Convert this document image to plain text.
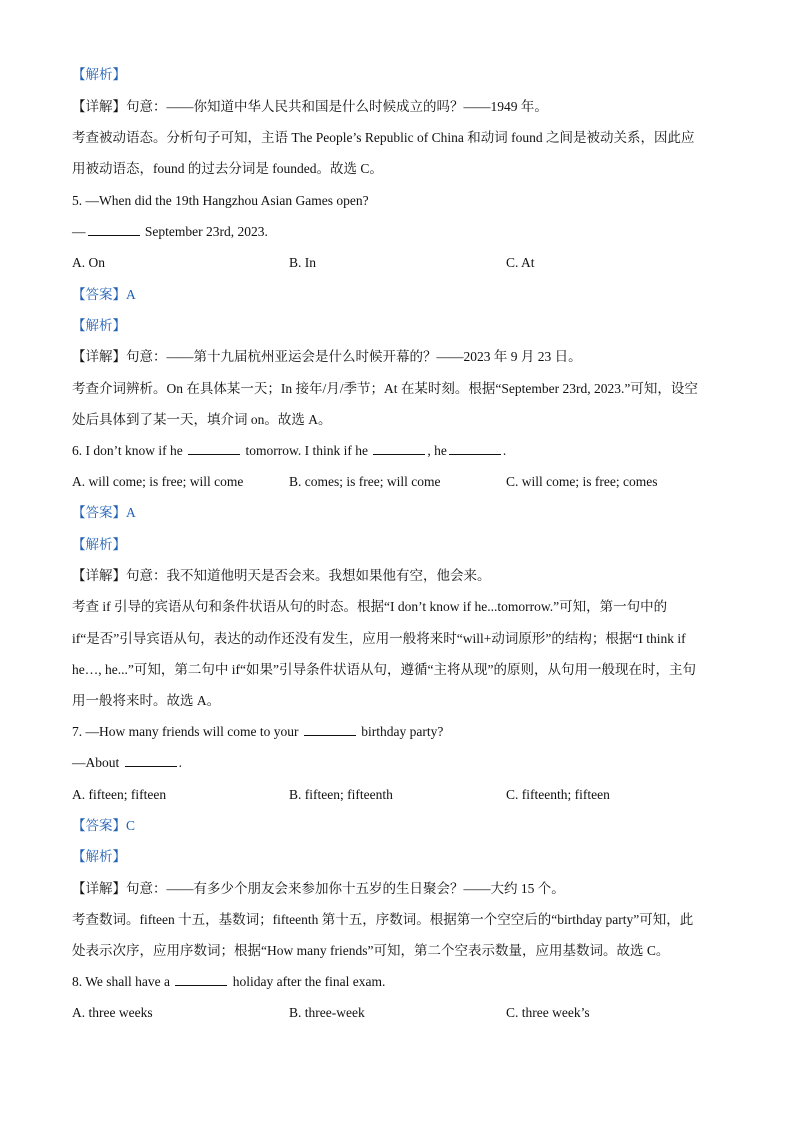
【解析】
【详解】句意：——你知道中华人民共和国是什么时候成立的吗？——1949 年。
考查被动语态。分析句子可知，主语 The People’s Republic of China 和动词 found 之间是被动关系，因此应
用被动语态，found 的过去分词是 founded。故选 C。
5. —When did the 19th Hangzhou Asian Games open?
—	September 23rd, 2023.
A. On	B. In	C. At
【答案】A
【解析】
【详解】句意：——第十九届杭州亚运会是什么时候开幕的？——2023 年 9 月 23 日。
考查介词辨析。On 在具体某一天；In 接年/月/季节；At 在某时刻。根据“September 23rd, 2023.”可知，设空
处后具体到了某一天，填介词 on。故选 A。
6. I don’t know if he	tomorrow. I think if he	, he	.
A. will come; is free; will come	B. comes; is free; will come	C. will come; is free; comes
【答案】A
【解析】
【详解】句意：我不知道他明天是否会来。我想如果他有空，他会来。
考查 if 引导的宾语从句和条件状语从句的时态。根据“I don’t know if he...tomorrow.”可知，第一句中的
if“是否”引导宾语从句，表达的动作还没有发生，应用一般将来时“will+动词原形”的结构；根据“I think if
he…, he...”可知，第二句中 if“如果”引导条件状语从句，遵循“主将从现”的原则，从句用一般现在时，主句
用一般将来时。故选 A。
7. —How many friends will come to your	birthday party?
—About	.
A. fifteen; fifteen	B. fifteen; fifteenth	C. fifteenth; fifteen
【答案】C
【解析】
【详解】句意：——有多少个朋友会来参加你十五岁的生日聚会？——大约 15 个。
考查数词。fifteen 十五，基数词；fifteenth 第十五，序数词。根据第一个空空后的“birthday party”可知，此
处表示次序，应用序数词；根据“How many friends”可知，第二个空表示数量，应用基数词。故选 C。
8. We shall have a	holiday after the final exam.
A. three weeks	B. three-week	C. three week’s
